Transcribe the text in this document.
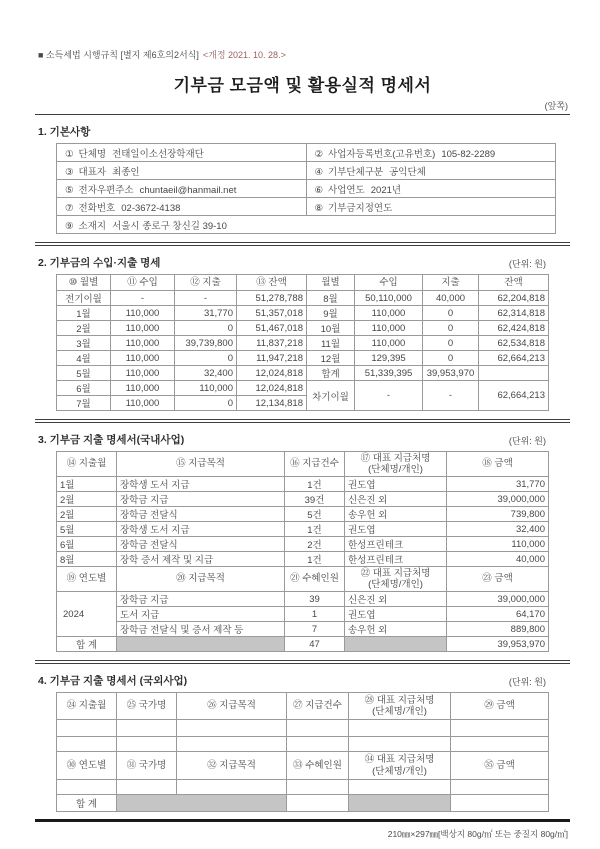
■ 소득세법 시행규칙 [별지 제6호의2서식] <개정 2021. 10. 28.>
기부금 모금액 및 활용실적 명세서
(앞쪽)
1. 기본사항
① 단체명 전태일이소선장학재단	② 사업자등록번호(고유번호) 105-82-2289
③ 대표자 최종인	④ 기부단체구분 공익단체
⑤ 전자우편주소 chuntaeil@hanmail.net	⑥ 사업연도 2021년
⑦ 전화번호 02-3672-4138	⑧ 기부금지정연도
⑨ 소재지 서울시 종로구 창신길 39-10	
2. 기부금의 수입·지출 명세	(단위: 원)
⑩ 월별	⑪ 수입	⑫ 지출	⑬ 잔액	월별	수입	지출	잔액
전기이월	-	-	51,278,788	8월	50,110,000	40,000	62,204,818
1월	110,000	31,770	51,357,018	9월	110,000	0	62,314,818
2월	110,000	0	51,467,018	10월	110,000	0	62,424,818
3월	110,000	39,739,800	11,837,218	11월	110,000	0	62,534,818
4월	110,000	0	11,947,218	12월	129,395	0	62,664,213
5월	110,000	32,400	12,024,818	합계	51,339,395	39,953,970	
6월	110,000	110,000	12,024,818	차기이월	-	-	62,664,213
7월	110,000	0	12,134,818				
3. 기부금 지출 명세서(국내사업)	(단위: 원)
⑭ 지출월	⑮ 지급목적	⑯ 지급건수	⑰ 대표 지급처명
(단체명/개인)	⑱ 금액
1월	장학생 도서 지급	1건	권도엽	31,770
2월	장학금 지급	39건	신은진 외	39,000,000
2월	장학금 전달식	5건	송우헌 외	739,800
5월	장학생 도서 지급	1건	권도엽	32,400
6월	장학금 전달식	2건	한성프린테크	110,000
8월	장학 증서 제작 및 지급	1건	한성프린테크	40,000
⑲ 연도별	⑳ 지급목적	㉑ 수혜인원	㉒ 대표 지급처명
(단체명/개인)	㉓ 금액
2024	장학금 지급	39	신은진 외	39,000,000
	도서 지급	1	권도엽	64,170
	장학금 전달식 및 증서 제작 등	7	송우헌 외	889,800
합 계		47		39,953,970
4. 기부금 지출 명세서 (국외사업)	(단위: 원)
㉔ 지출월	㉕ 국가명	㉖ 지급목적	㉗ 지급건수	㉘ 대표 지급처명
(단체명/개인)	㉙ 금액

㉚ 연도별	㉛ 국가명	㉜ 지급목적	㉝ 수혜인원	㉞ 대표 지급처명
(단체명/개인)	㉟ 금액

합 계					
210㎜×297㎜[백상지 80g/㎡ 또는 중질지 80g/㎡]
